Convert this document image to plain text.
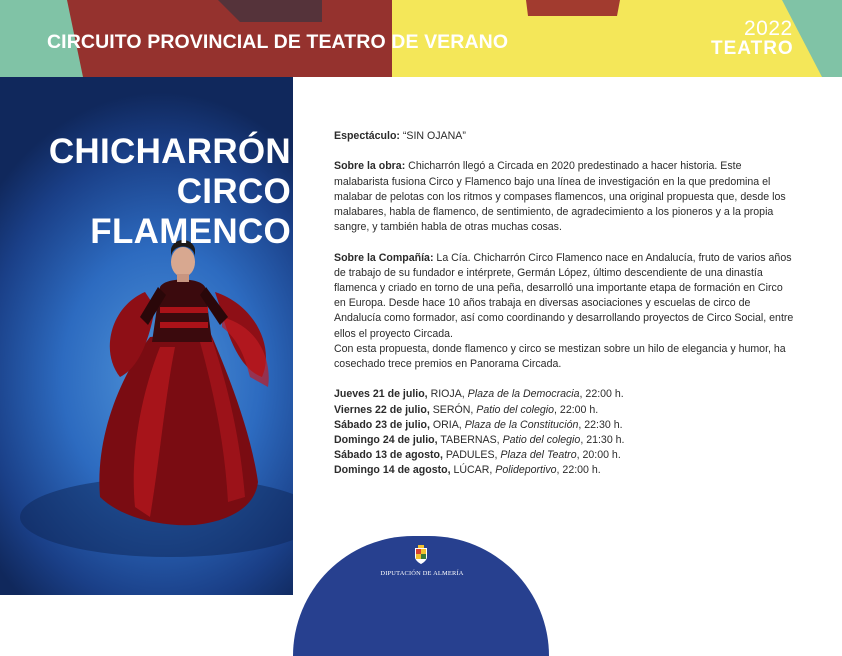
CIRCUITO PROVINCIAL DE TEATRO DE VERANO
2022
TEATRO
CHICHARRÓN
CIRCO
FLAMENCO

Espectáculo: “SIN OJANA”

Sobre la obra: Chicharrón llegó a Circada en 2020 predestinado a hacer historia. Este malabarista fusiona Circo y Flamenco bajo una línea de investigación en la que predomina el malabar de pelotas con los ritmos y compases flamencos, una original propuesta que, desde los malabares, habla de flamenco, de sentimiento, de agradecimiento a los pioneros y a la propia sangre, y también habla de otras muchas cosas.

Sobre la Compañía: La Cía. Chicharrón Circo Flamenco nace en Andalucía, fruto de varios años de trabajo de su fundador e intérprete, Germán López, último descendiente de una dinastía flamenca y criado en torno de una peña, desarrolló una importante etapa de formación en Circo en Europa. Desde hace 10 años trabaja en diversas asociaciones y escuelas de circo de Andalucía como formador, así como coordinando y desarrollando proyectos de Circo Social, entre ellos el proyecto Circada.

Con esta propuesta, donde flamenco y circo se mestizan sobre un hilo de elegancia y humor, ha cosechado trece premios en Panorama Circada.

Jueves 21 de julio, RIOJA, Plaza de la Democracia, 22:00 h.
Viernes 22 de julio, SERÓN, Patio del colegio, 22:00 h.
Sábado 23 de julio, ORIA, Plaza de la Constitución, 22:30 h.
Domingo 24 de julio, TABERNAS, Patio del colegio, 21:30 h.
Sábado 13 de agosto, PADULES, Plaza del Teatro, 20:00 h.
Domingo 14 de agosto, LÚCAR, Polideportivo, 22:00 h.
DIPUTACIÓN DE ALMERÍA
